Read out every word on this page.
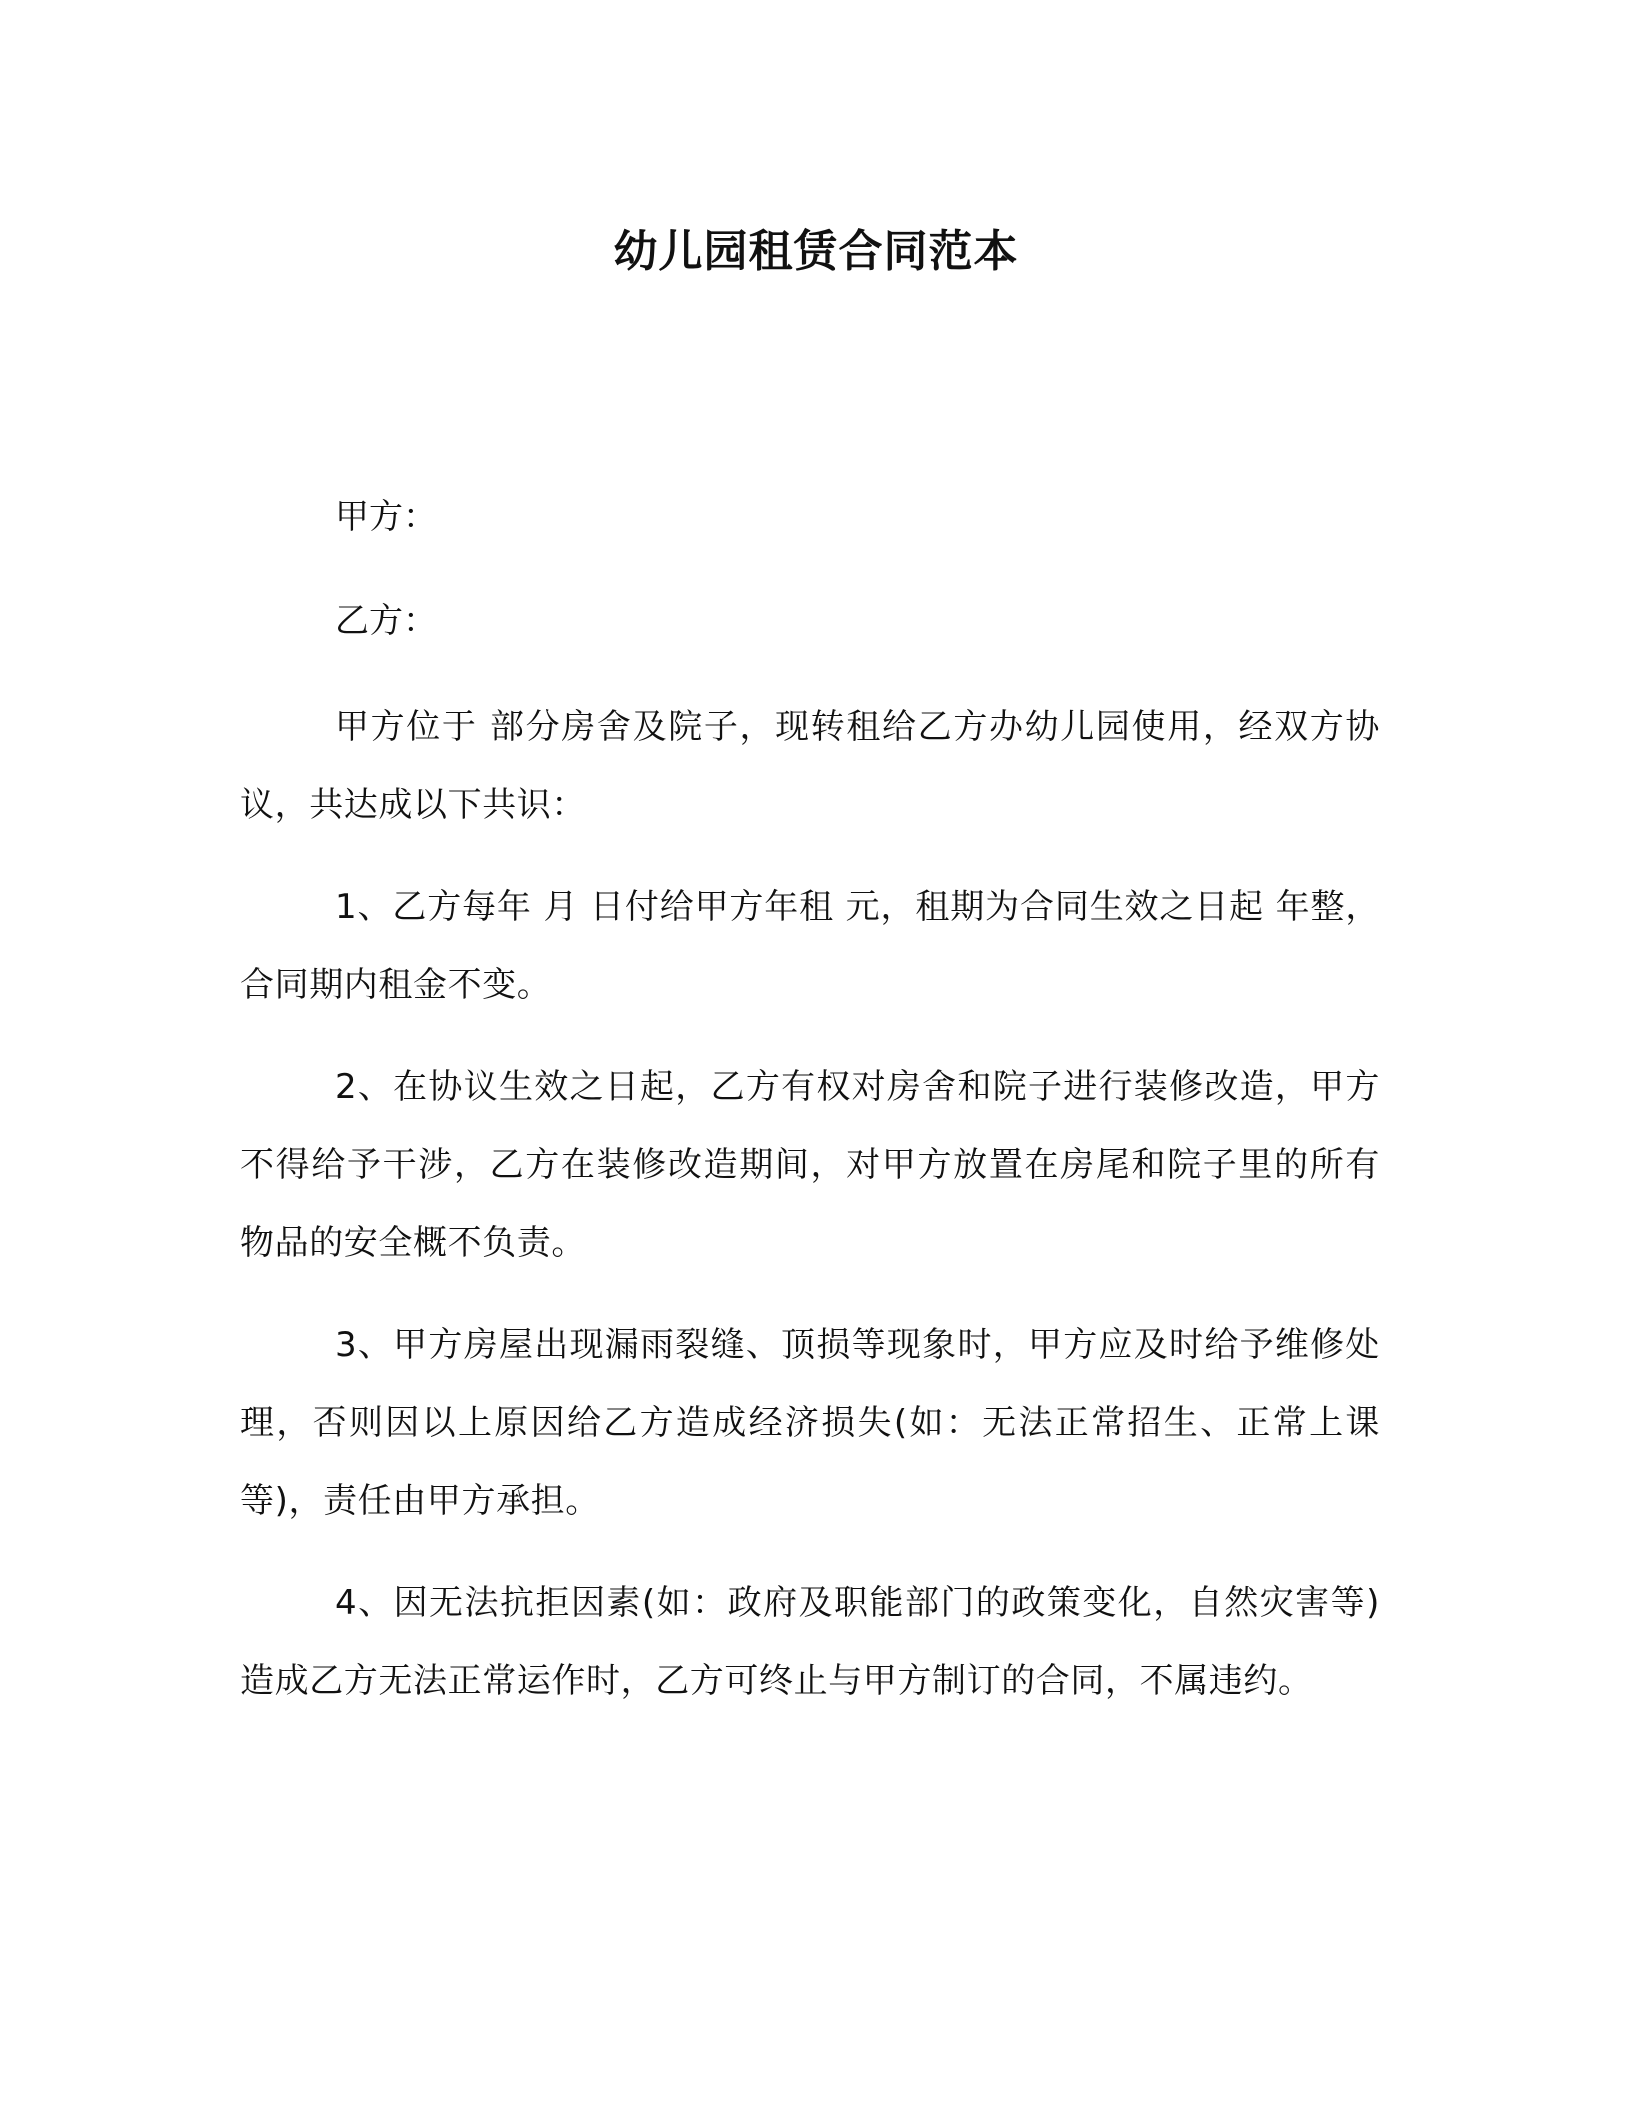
幼儿园租赁合同范本
甲方：
乙方：
甲方位于 部分房舍及院子，现转租给乙方办幼儿园使用，经双方协议，共达成以下共识：
1、乙方每年 月 日付给甲方年租 元，租期为合同生效之日起 年整，合同期内租金不变。
2、在协议生效之日起，乙方有权对房舍和院子进行装修改造，甲方不得给予干涉，乙方在装修改造期间，对甲方放置在房尾和院子里的所有物品的安全概不负责。
3、甲方房屋出现漏雨裂缝、顶损等现象时，甲方应及时给予维修处理，否则因以上原因给乙方造成经济损失(如：无法正常招生、正常上课等)，责任由甲方承担。
4、因无法抗拒因素(如：政府及职能部门的政策变化，自然灾害等)造成乙方无法正常运作时，乙方可终止与甲方制订的合同，不属违约。
